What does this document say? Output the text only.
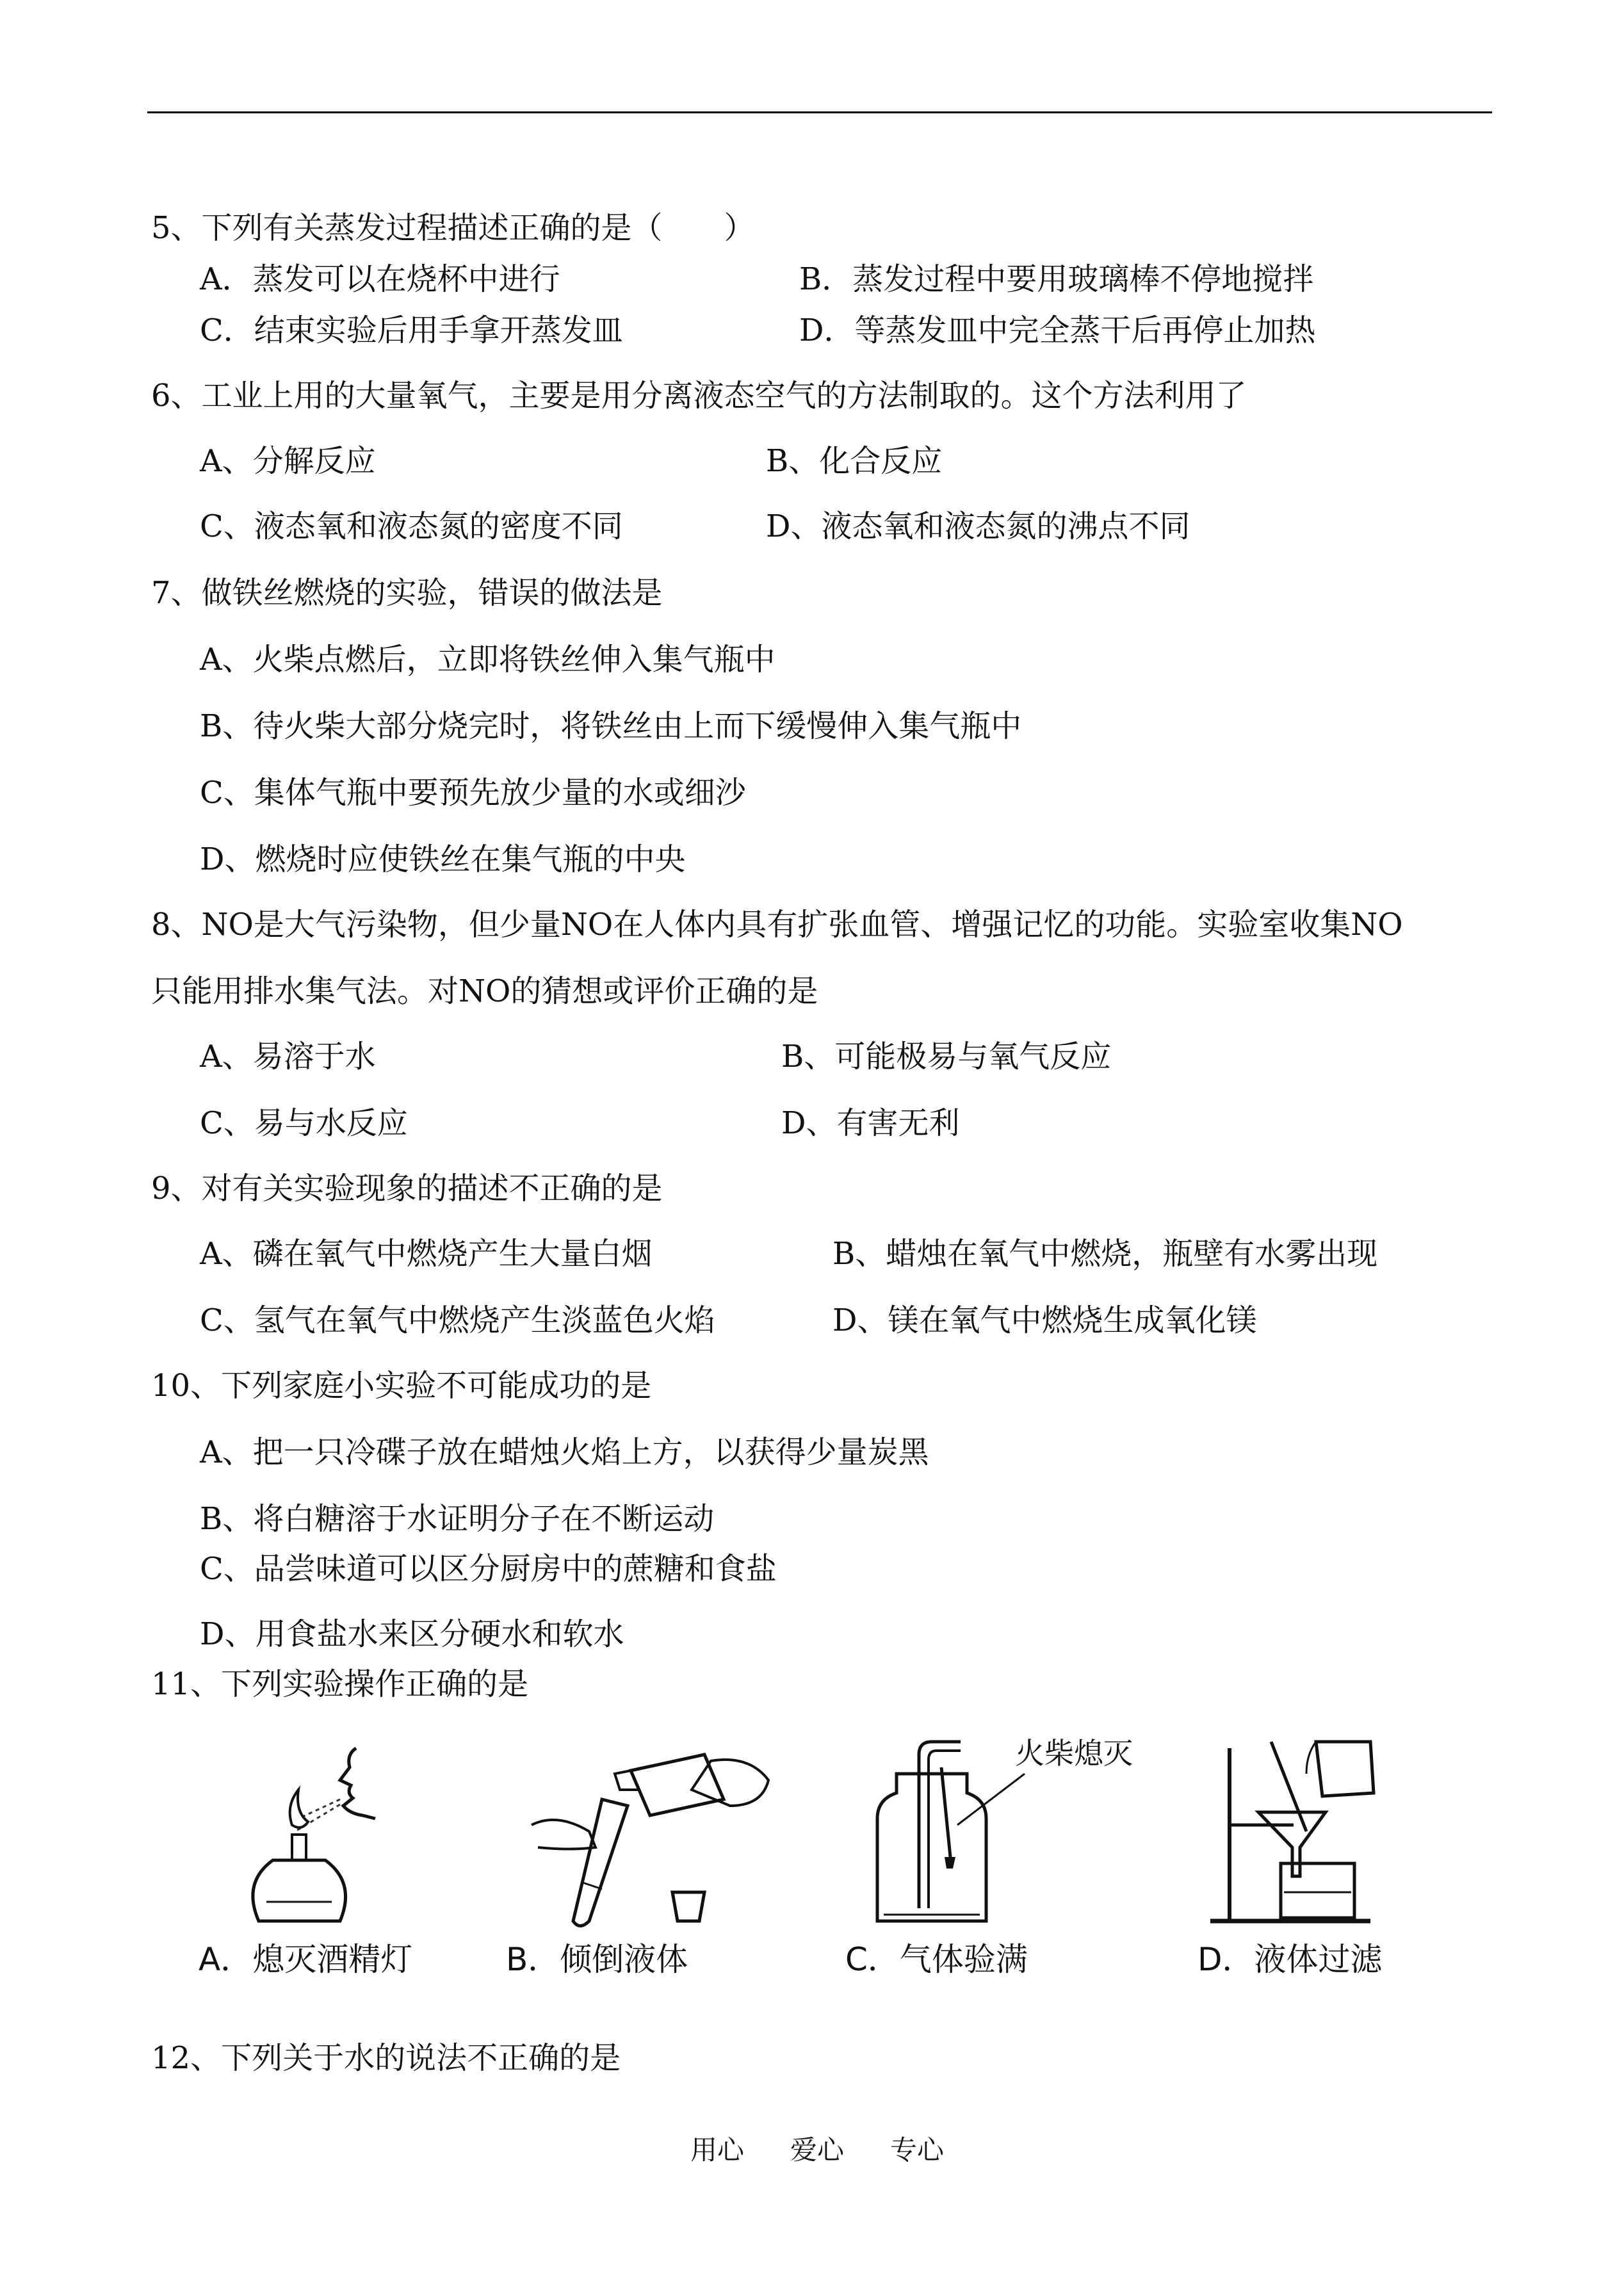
5、下列有关蒸发过程描述正确的是（　　）
A．蒸发可以在烧杯中进行	B．蒸发过程中要用玻璃棒不停地搅拌
C．结束实验后用手拿开蒸发皿	D．等蒸发皿中完全蒸干后再停止加热
6、工业上用的大量氧气，主要是用分离液态空气的方法制取的。这个方法利用了
A、分解反应	B、化合反应
C、液态氧和液态氮的密度不同	D、液态氧和液态氮的沸点不同
7、做铁丝燃烧的实验，错误的做法是
A、火柴点燃后，立即将铁丝伸入集气瓶中
B、待火柴大部分烧完时，将铁丝由上而下缓慢伸入集气瓶中
C、集体气瓶中要预先放少量的水或细沙
D、燃烧时应使铁丝在集气瓶的中央
8、NO是大气污染物，但少量NO在人体内具有扩张血管、增强记忆的功能。实验室收集NO
只能用排水集气法。对NO的猜想或评价正确的是
A、易溶于水	B、可能极易与氧气反应
C、易与水反应	D、有害无利
9、对有关实验现象的描述不正确的是
A、磷在氧气中燃烧产生大量白烟	B、蜡烛在氧气中燃烧，瓶壁有水雾出现
C、氢气在氧气中燃烧产生淡蓝色火焰	D、镁在氧气中燃烧生成氧化镁
10、下列家庭小实验不可能成功的是
A、把一只冷碟子放在蜡烛火焰上方，以获得少量炭黑
B、将白糖溶于水证明分子在不断运动
C、品尝味道可以区分厨房中的蔗糖和食盐
D、用食盐水来区分硬水和软水
11、下列实验操作正确的是
火柴熄灭
A．熄灭酒精灯	B．倾倒液体	C．气体验满	D．液体过滤
12、下列关于水的说法不正确的是
用心 爱心 专心
